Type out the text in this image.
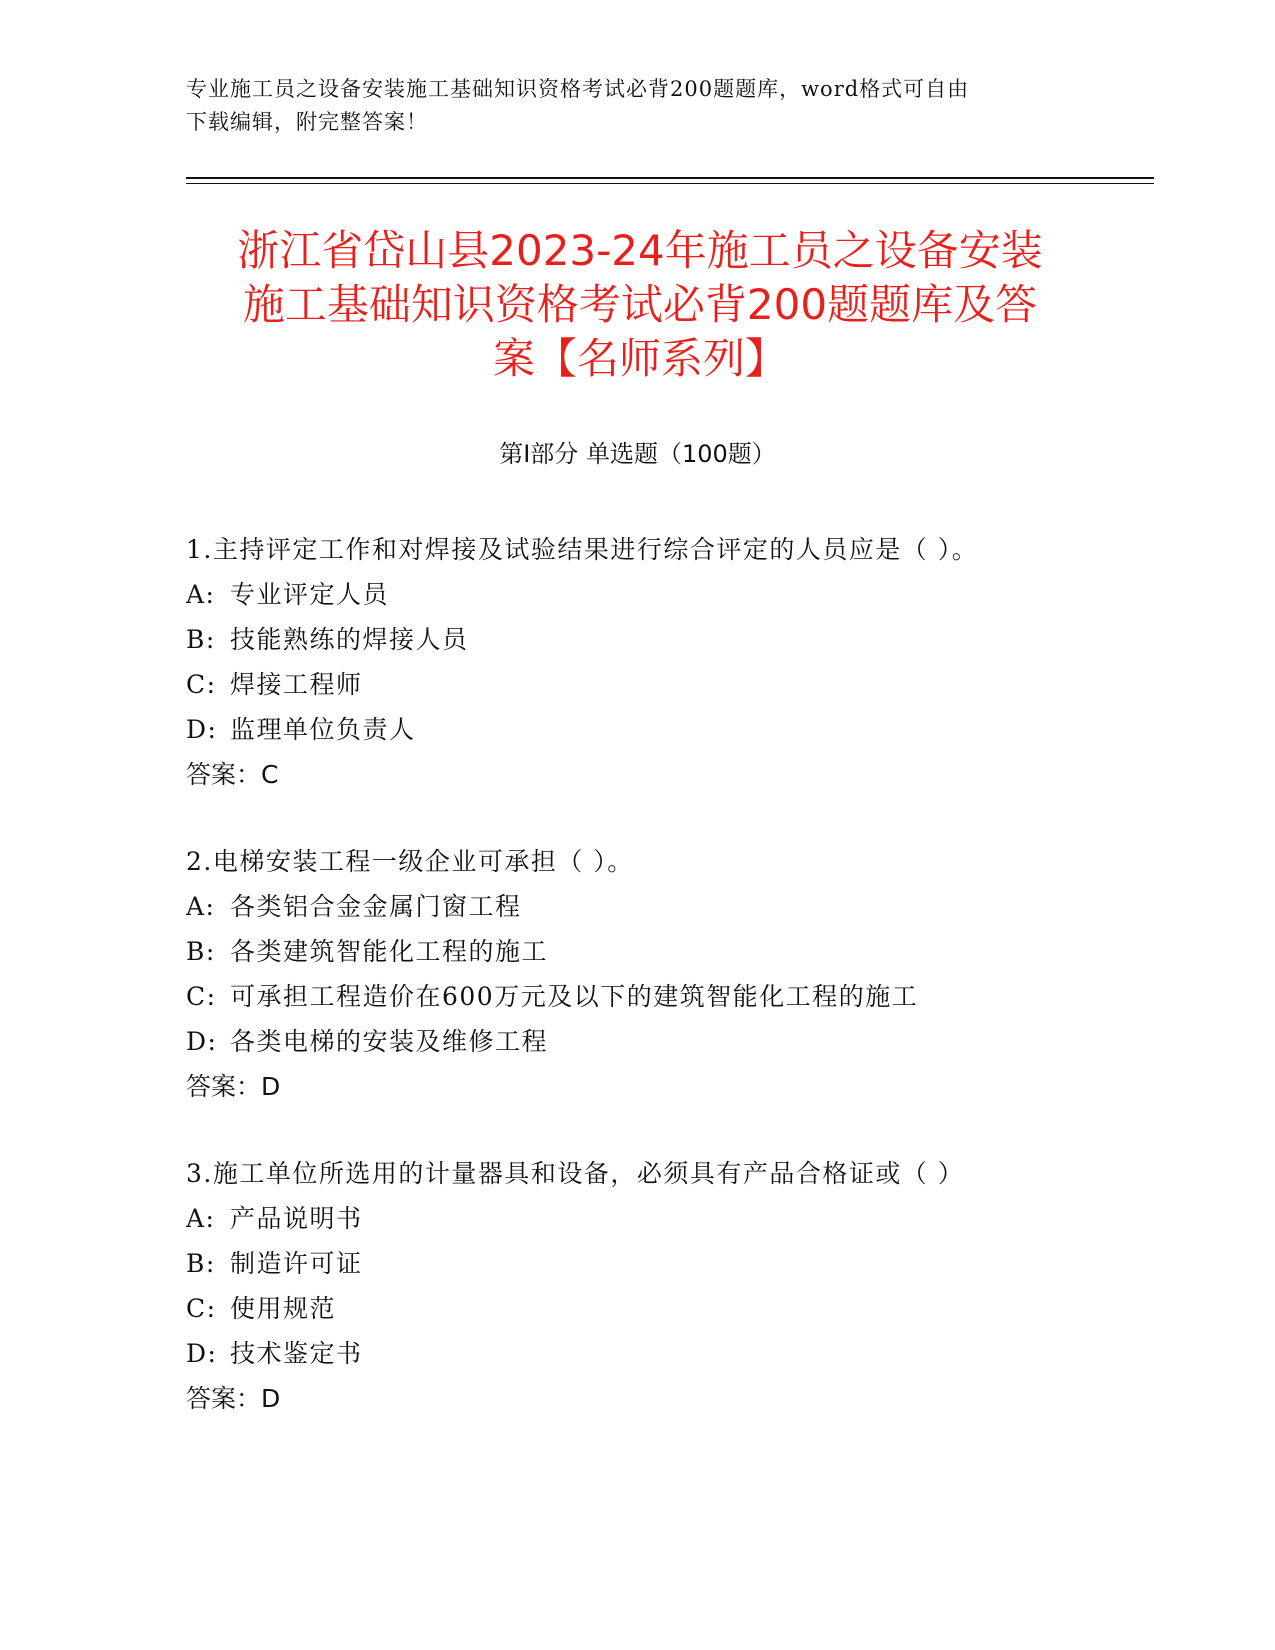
专业施工员之设备安装施工基础知识资格考试必背200题题库，word格式可自由
下载编辑，附完整答案！
浙江省岱山县2023-24年施工员之设备安装
施工基础知识资格考试必背200题题库及答
案【名师系列】
第Ⅰ部分 单选题（100题）
1.主持评定工作和对焊接及试验结果进行综合评定的人员应是（ ）。
A: 专业评定人员
B: 技能熟练的焊接人员
C: 焊接工程师
D: 监理单位负责人
答案：C
2.电梯安装工程一级企业可承担（ ）。
A: 各类铝合金金属门窗工程
B: 各类建筑智能化工程的施工
C: 可承担工程造价在600万元及以下的建筑智能化工程的施工
D: 各类电梯的安装及维修工程
答案：D
3.施工单位所选用的计量器具和设备，必须具有产品合格证或（ ）
A: 产品说明书
B: 制造许可证
C: 使用规范
D: 技术鉴定书
答案：D
